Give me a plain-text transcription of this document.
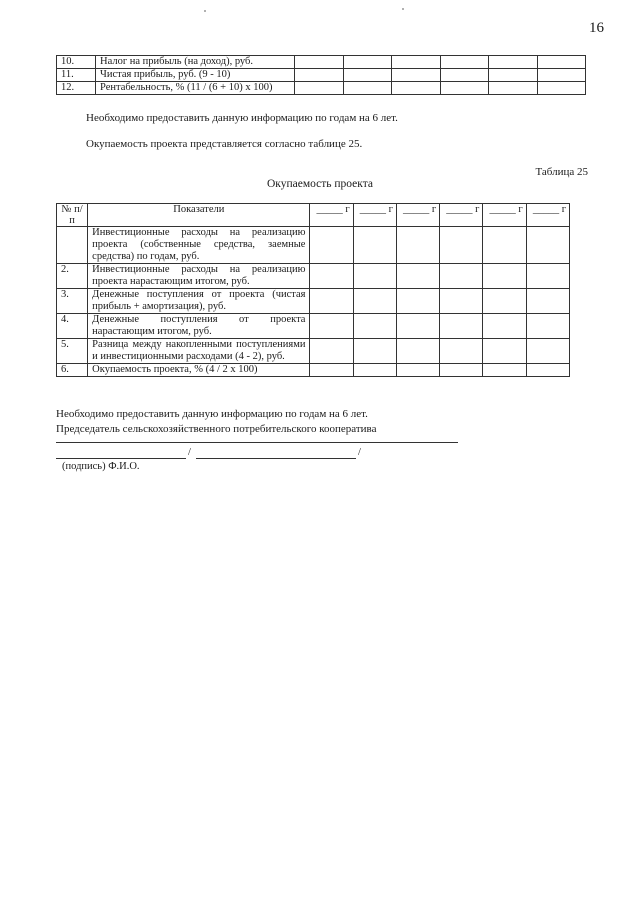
16
10.	Налог на прибыль (на доход), руб.						
11.	Чистая прибыль, руб. (9 - 10)						
12.	Рентабельность, % (11 / (6 + 10) x 100)						
Необходимо предоставить данную информацию по годам на 6 лет.
Окупаемость проекта представляется согласно таблице 25.
Таблица 25
Окупаемость проекта
№ п/п	Показатели	_____ г	_____ г	_____ г	_____ г	_____ г	_____ г
	Инвестиционные расходы на реализацию проекта (собственные средства, заемные средства) по годам, руб.						
2.	Инвестиционные расходы на реализацию проекта нарастающим итогом, руб.						
3.	Денежные поступления от проекта (чистая прибыль + амортизация), руб.						
4.	Денежные поступления от проекта нарастающим итогом, руб.						
5.	Разница между накопленными поступлениями и инвестиционными расходами (4 - 2), руб.						
6.	Окупаемость проекта, % (4 / 2 x 100)						
Необходимо предоставить данную информацию по годам на 6 лет.
Председатель сельскохозяйственного потребительского кооператива
/	/
(подпись) Ф.И.О.
